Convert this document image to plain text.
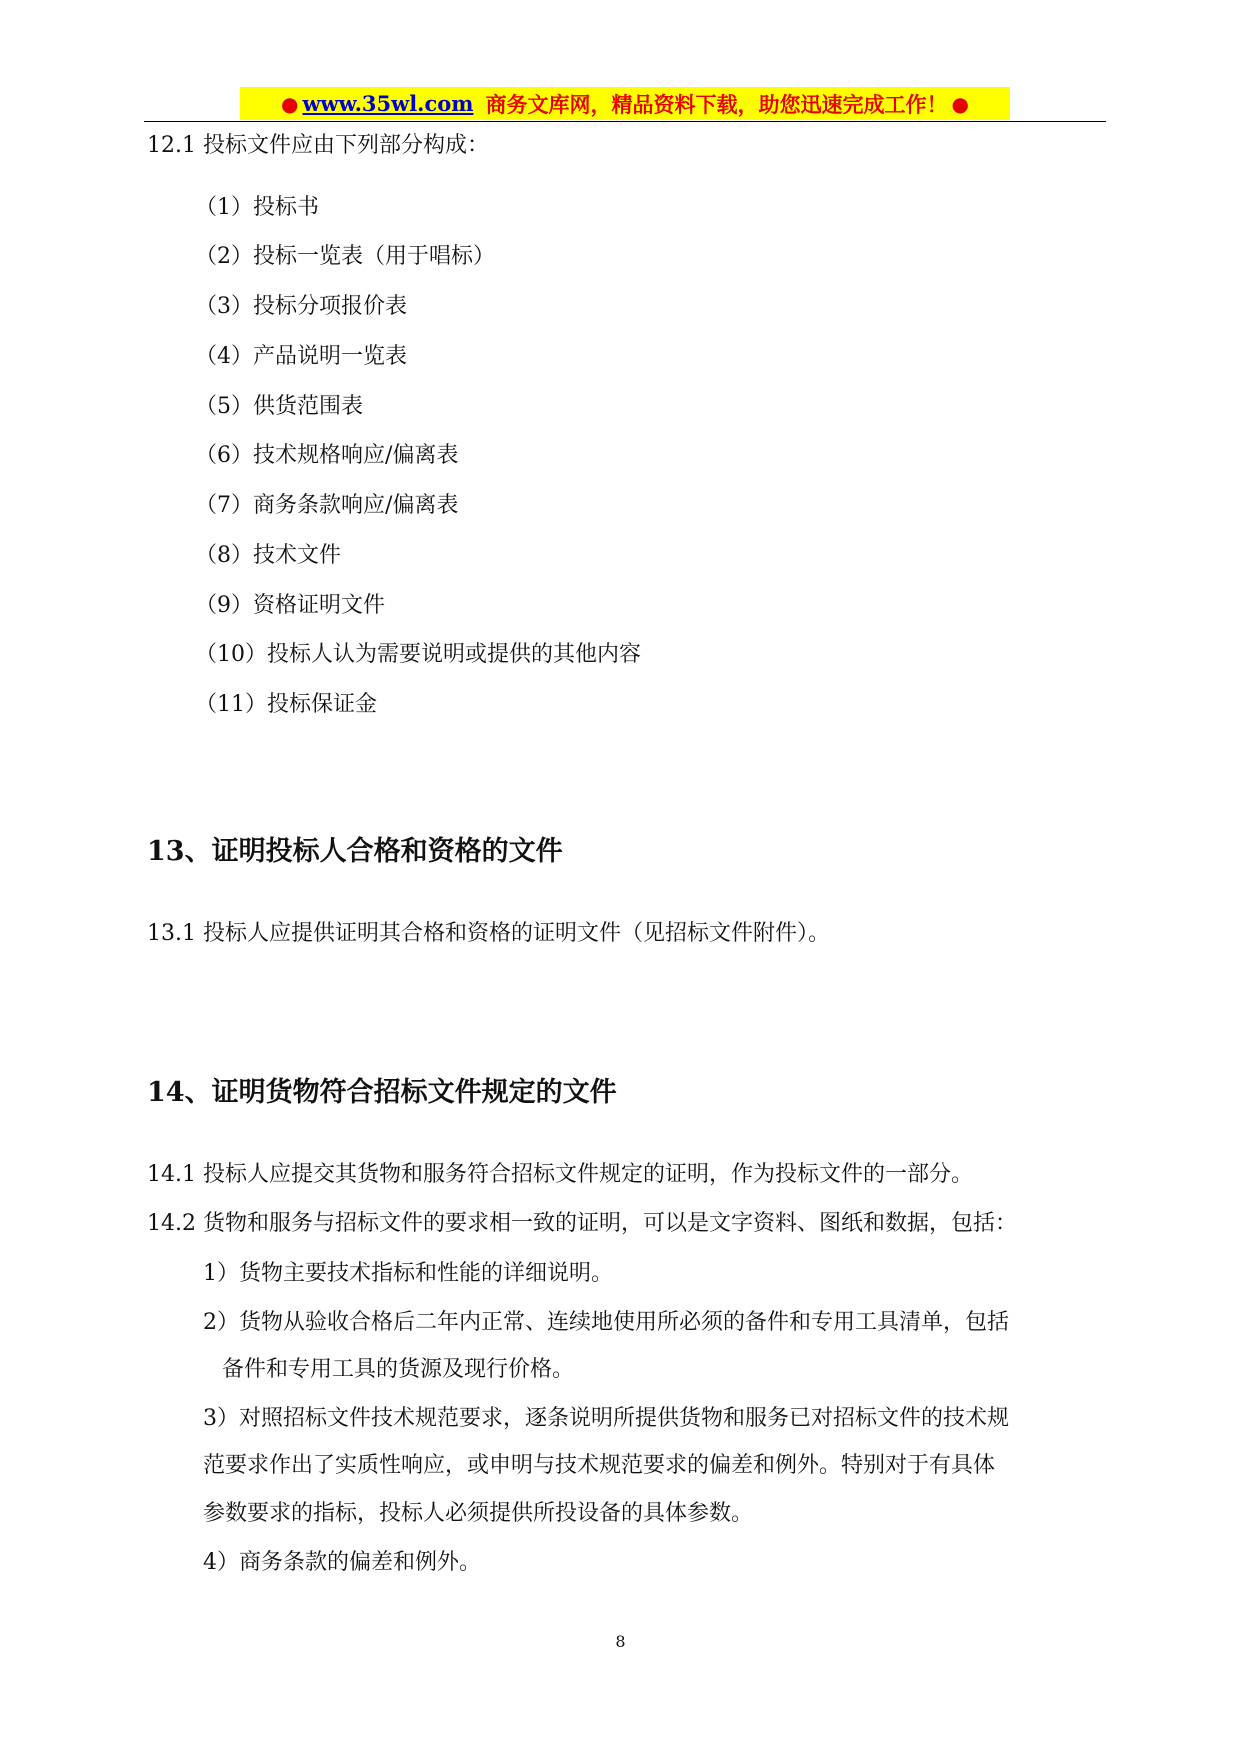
● www.35wl.com 商务文库网，精品资料下载，助您迅速完成工作！ ●
12.1 投标文件应由下列部分构成：
（1）投标书
（2）投标一览表（用于唱标）
（3）投标分项报价表
（4）产品说明一览表
（5）供货范围表
（6）技术规格响应/偏离表
（7）商务条款响应/偏离表
（8）技术文件
（9）资格证明文件
（10）投标人认为需要说明或提供的其他内容
（11）投标保证金
13、证明投标人合格和资格的文件
13.1 投标人应提供证明其合格和资格的证明文件（见招标文件附件）。
14、证明货物符合招标文件规定的文件
14.1 投标人应提交其货物和服务符合招标文件规定的证明，作为投标文件的一部分。
14.2 货物和服务与招标文件的要求相一致的证明，可以是文字资料、图纸和数据，包括：
1）货物主要技术指标和性能的详细说明。
2）货物从验收合格后二年内正常、连续地使用所必须的备件和专用工具清单，包括
备件和专用工具的货源及现行价格。
3）对照招标文件技术规范要求，逐条说明所提供货物和服务已对招标文件的技术规
范要求作出了实质性响应，或申明与技术规范要求的偏差和例外。特别对于有具体
参数要求的指标，投标人必须提供所投设备的具体参数。
4）商务条款的偏差和例外。
8
